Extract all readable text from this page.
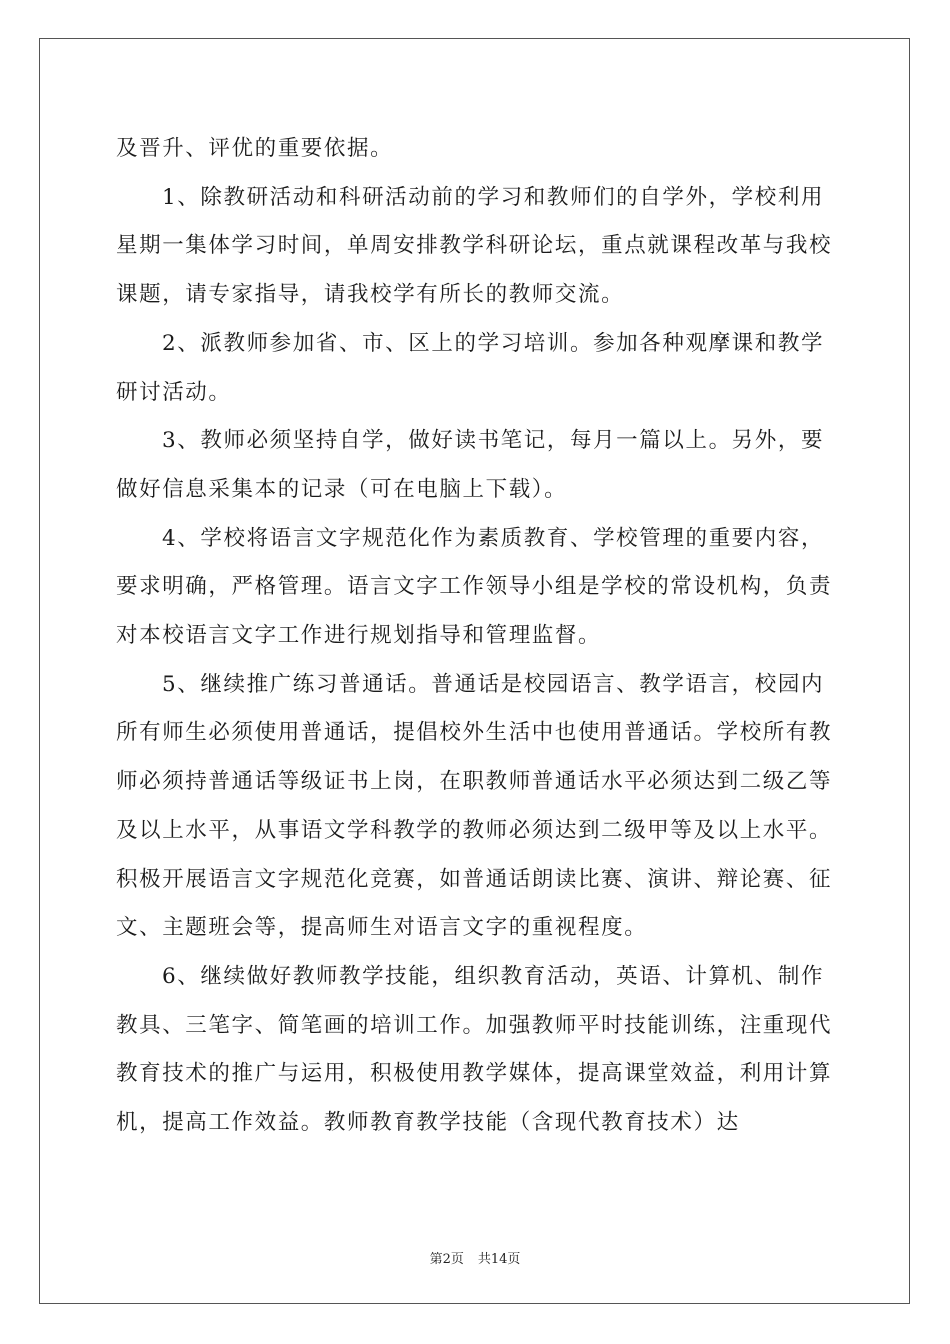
及晋升、评优的重要依据。

1、除教研活动和科研活动前的学习和教师们的自学外，学校利用星期一集体学习时间，单周安排教学科研论坛，重点就课程改革与我校课题，请专家指导，请我校学有所长的教师交流。

2、派教师参加省、市、区上的学习培训。参加各种观摩课和教学研讨活动。

3、教师必须坚持自学，做好读书笔记，每月一篇以上。另外，要做好信息采集本的记录（可在电脑上下载）。

4、学校将语言文字规范化作为素质教育、学校管理的重要内容，要求明确，严格管理。语言文字工作领导小组是学校的常设机构，负责对本校语言文字工作进行规划指导和管理监督。

5、继续推广练习普通话。普通话是校园语言、教学语言，校园内所有师生必须使用普通话，提倡校外生活中也使用普通话。学校所有教师必须持普通话等级证书上岗，在职教师普通话水平必须达到二级乙等及以上水平，从事语文学科教学的教师必须达到二级甲等及以上水平。积极开展语言文字规范化竞赛，如普通话朗读比赛、演讲、辩论赛、征文、主题班会等，提高师生对语言文字的重视程度。

6、继续做好教师教学技能，组织教育活动，英语、计算机、制作教具、三笔字、简笔画的培训工作。加强教师平时技能训练，注重现代教育技术的推广与运用，积极使用教学媒体，提高课堂效益，利用计算机，提高工作效益。教师教育教学技能（含现代教育技术）达

第2页 共14页
